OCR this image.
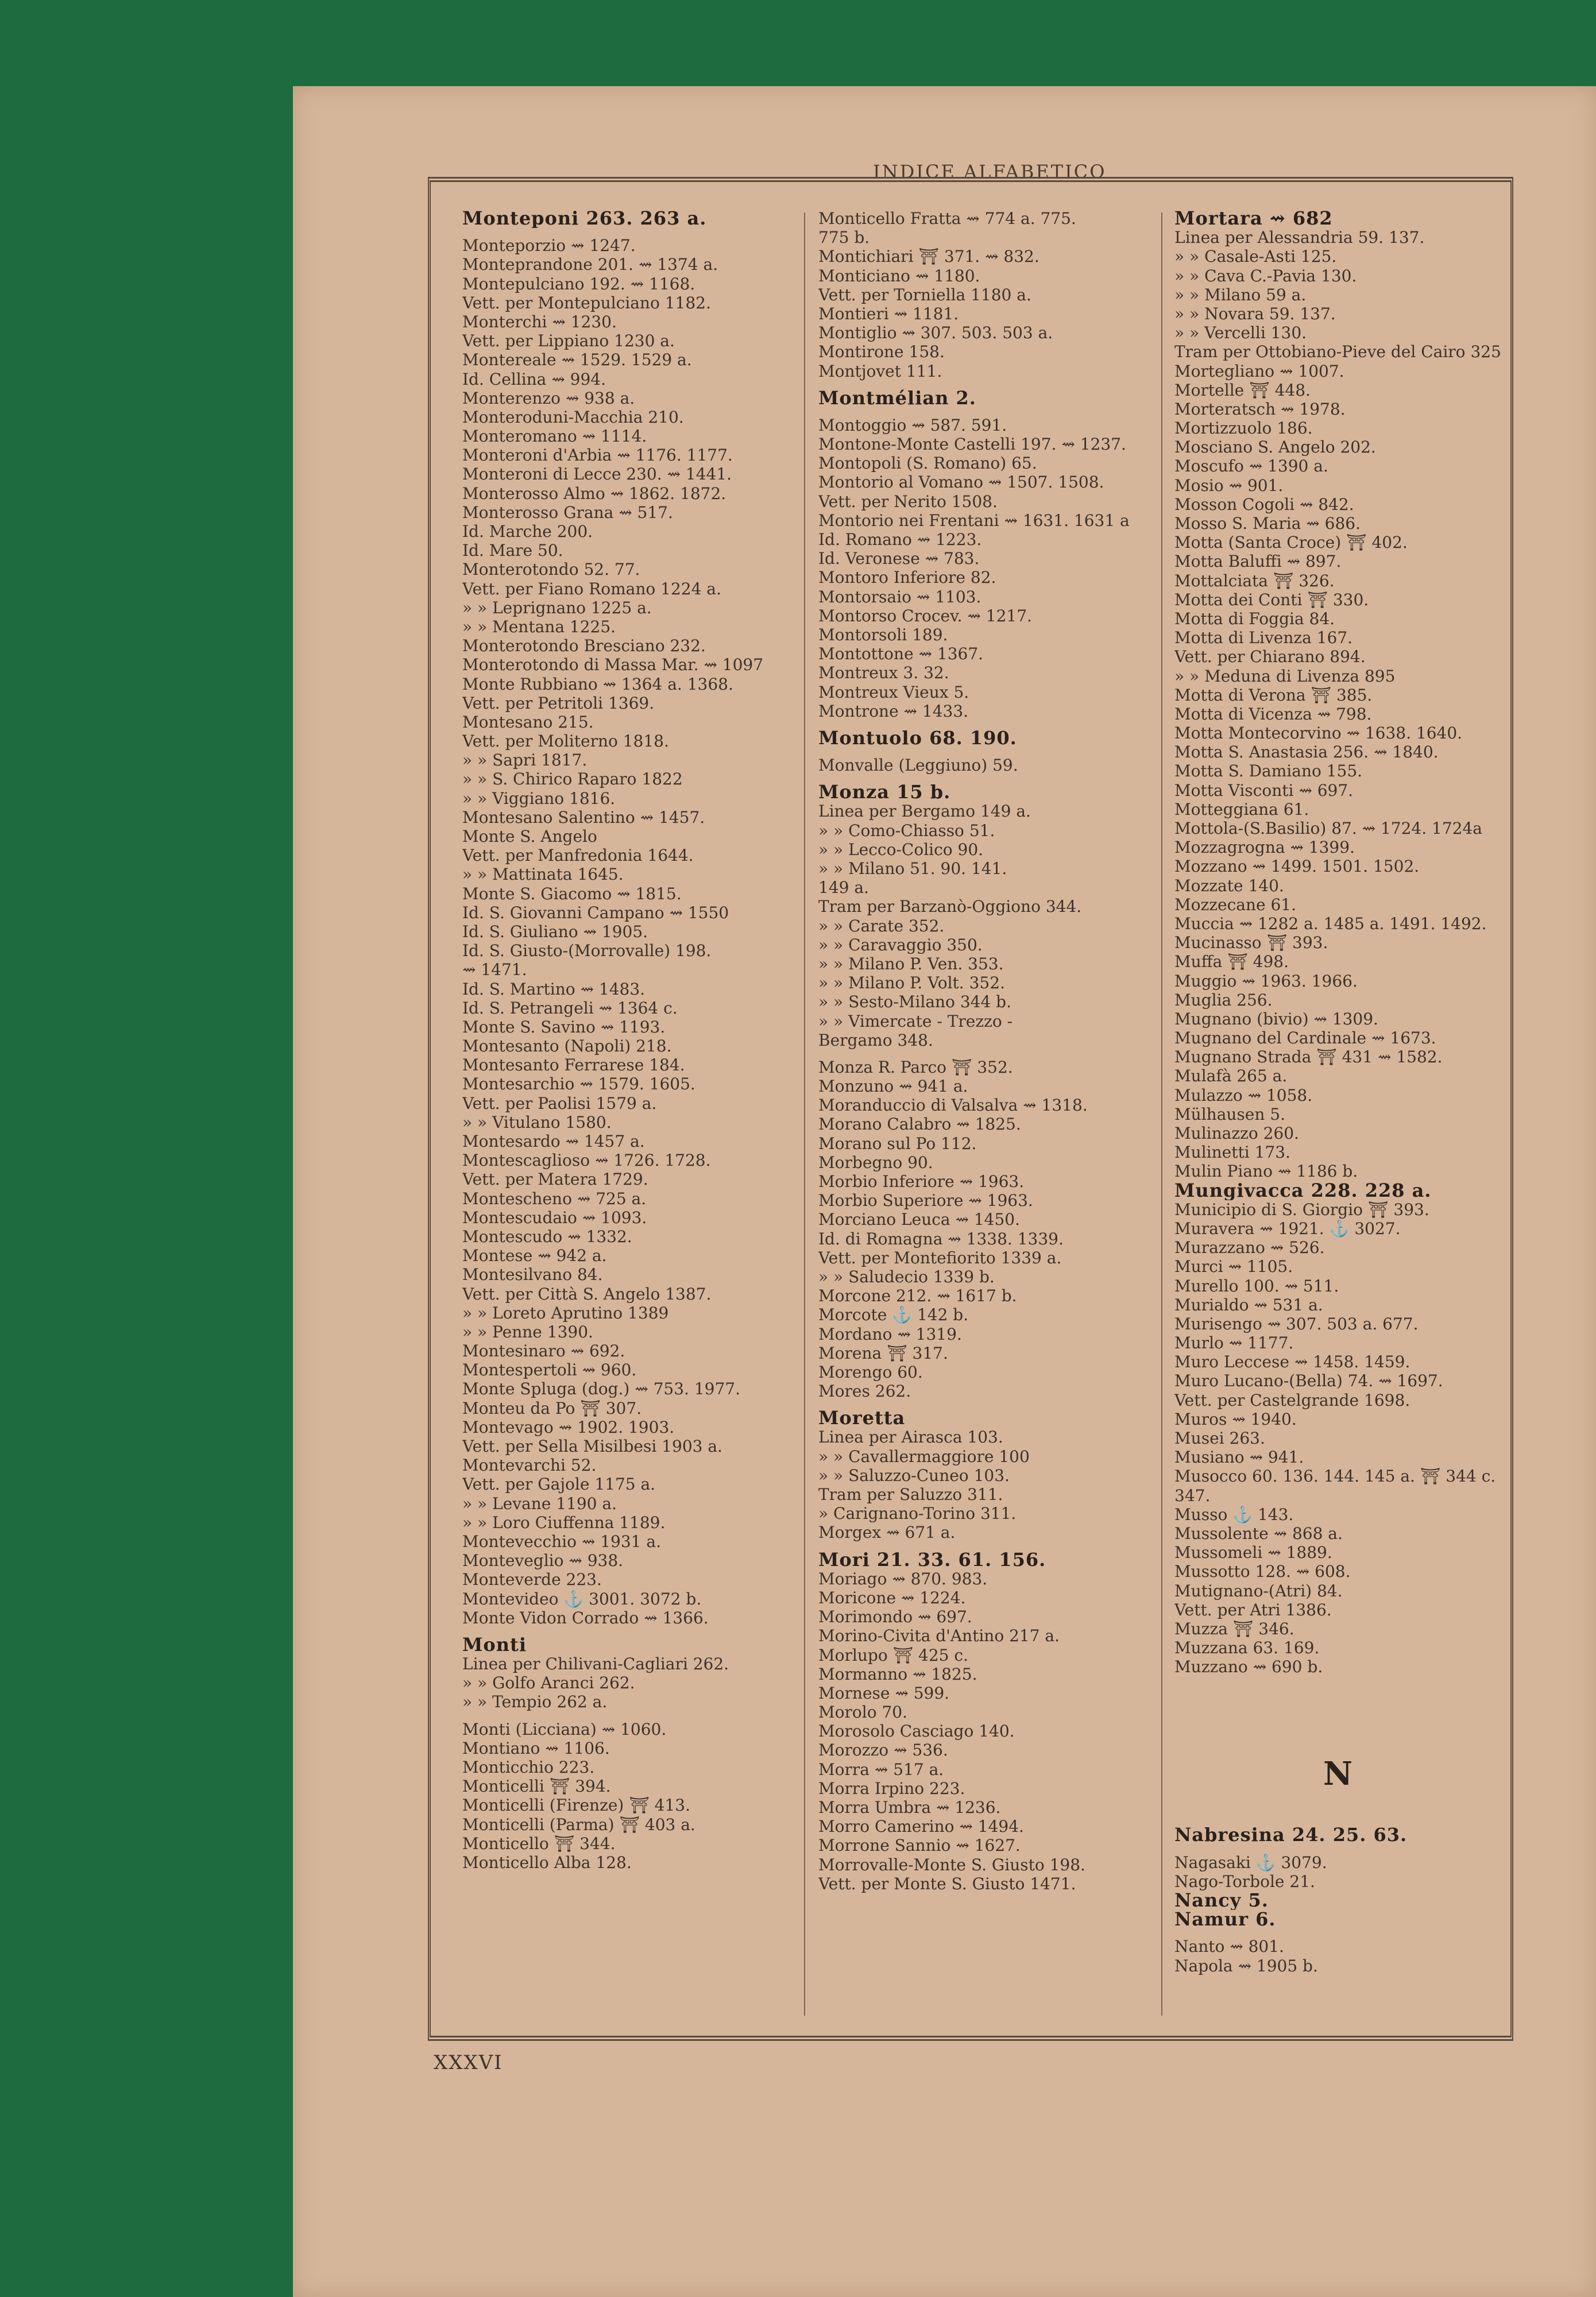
INDICE ALFABETICO
Monteponi 263. 263 a.
Monteporzio ⇝ 1247.
Monteprandone 201. ⇝ 1374 a.
Montepulciano 192. ⇝ 1168.
Vett. per Montepulciano 1182.
Monterchi ⇝ 1230.
Vett. per Lippiano 1230 a.
Montereale ⇝ 1529. 1529 a.
Id. Cellina ⇝ 994.
Monterenzo ⇝ 938 a.
Monteroduni-Macchia 210.
Monteromano ⇝ 1114.
Monteroni d'Arbia ⇝ 1176. 1177.
Monteroni di Lecce 230. ⇝ 1441.
Monterosso Almo ⇝ 1862. 1872.
Monterosso Grana ⇝ 517.
Id. Marche 200.
Id. Mare 50.
Monterotondo 52. 77.
Vett. per Fiano Romano 1224 a.
» » Leprignano 1225 a.
» » Mentana 1225.
Monterotondo Bresciano 232.
Monterotondo di Massa Mar. ⇝ 1097
Monte Rubbiano ⇝ 1364 a. 1368.
Vett. per Petritoli 1369.
Montesano 215.
Vett. per Moliterno 1818.
» » Sapri 1817.
» » S. Chirico Raparo 1822
» » Viggiano 1816.
Montesano Salentino ⇝ 1457.
Monte S. Angelo
Vett. per Manfredonia 1644.
» » Mattinata 1645.
Monte S. Giacomo ⇝ 1815.
Id. S. Giovanni Campano ⇝ 1550
Id. S. Giuliano ⇝ 1905.
Id. S. Giusto-(Morrovalle) 198.
⇝ 1471.
Id. S. Martino ⇝ 1483.
Id. S. Petrangeli ⇝ 1364 c.
Monte S. Savino ⇝ 1193.
Montesanto (Napoli) 218.
Montesanto Ferrarese 184.
Montesarchio ⇝ 1579. 1605.
Vett. per Paolisi 1579 a.
» » Vitulano 1580.
Montesardo ⇝ 1457 a.
Montescaglioso ⇝ 1726. 1728.
Vett. per Matera 1729.
Montescheno ⇝ 725 a.
Montescudaio ⇝ 1093.
Montescudo ⇝ 1332.
Montese ⇝ 942 a.
Montesilvano 84.
Vett. per Città S. Angelo 1387.
» » Loreto Aprutino 1389
» » Penne 1390.
Montesinaro ⇝ 692.
Montespertoli ⇝ 960.
Monte Spluga (dog.) ⇝ 753. 1977.
Monteu da Po ⛩ 307.
Montevago ⇝ 1902. 1903.
Vett. per Sella Misilbesi 1903 a.
Montevarchi 52.
Vett. per Gajole 1175 a.
» » Levane 1190 a.
» » Loro Ciuffenna 1189.
Montevecchio ⇝ 1931 a.
Monteveglio ⇝ 938.
Monteverde 223.
Montevideo ⚓ 3001. 3072 b.
Monte Vidon Corrado ⇝ 1366.
Monti
Linea per Chilivani-Cagliari 262.
» » Golfo Aranci 262.
» » Tempio 262 a.
Monti (Licciana) ⇝ 1060.
Montiano ⇝ 1106.
Monticchio 223.
Monticelli ⛩ 394.
Monticelli (Firenze) ⛩ 413.
Monticelli (Parma) ⛩ 403 a.
Monticello ⛩ 344.
Monticello Alba 128.
Monticello Fratta ⇝ 774 a. 775.
775 b.
Montichiari ⛩ 371. ⇝ 832.
Monticiano ⇝ 1180.
Vett. per Torniella 1180 a.
Montieri ⇝ 1181.
Montiglio ⇝ 307. 503. 503 a.
Montirone 158.
Montjovet 111.
Montmélian 2.
Montoggio ⇝ 587. 591.
Montone-Monte Castelli 197. ⇝ 1237.
Montopoli (S. Romano) 65.
Montorio al Vomano ⇝ 1507. 1508.
Vett. per Nerito 1508.
Montorio nei Frentani ⇝ 1631. 1631 a
Id. Romano ⇝ 1223.
Id. Veronese ⇝ 783.
Montoro Inferiore 82.
Montorsaio ⇝ 1103.
Montorso Crocev. ⇝ 1217.
Montorsoli 189.
Montottone ⇝ 1367.
Montreux 3. 32.
Montreux Vieux 5.
Montrone ⇝ 1433.
Montuolo 68. 190.
Monvalle (Leggiuno) 59.
Monza 15 b.
Linea per Bergamo 149 a.
» » Como-Chiasso 51.
» » Lecco-Colico 90.
» » Milano 51. 90. 141.
149 a.
Tram per Barzanò-Oggiono 344.
» » Carate 352.
» » Caravaggio 350.
» » Milano P. Ven. 353.
» » Milano P. Volt. 352.
» » Sesto-Milano 344 b.
» » Vimercate - Trezzo -
Bergamo 348.
Monza R. Parco ⛩ 352.
Monzuno ⇝ 941 a.
Moranduccio di Valsalva ⇝ 1318.
Morano Calabro ⇝ 1825.
Morano sul Po 112.
Morbegno 90.
Morbio Inferiore ⇝ 1963.
Morbio Superiore ⇝ 1963.
Morciano Leuca ⇝ 1450.
Id. di Romagna ⇝ 1338. 1339.
Vett. per Montefiorito 1339 a.
» » Saludecio 1339 b.
Morcone 212. ⇝ 1617 b.
Morcote ⚓ 142 b.
Mordano ⇝ 1319.
Morena ⛩ 317.
Morengo 60.
Mores 262.
Moretta
Linea per Airasca 103.
» » Cavallermaggiore 100
» » Saluzzo-Cuneo 103.
Tram per Saluzzo 311.
» Carignano-Torino 311.
Morgex ⇝ 671 a.
Mori 21. 33. 61. 156.
Moriago ⇝ 870. 983.
Moricone ⇝ 1224.
Morimondo ⇝ 697.
Morino-Civita d'Antino 217 a.
Morlupo ⛩ 425 c.
Mormanno ⇝ 1825.
Mornese ⇝ 599.
Morolo 70.
Morosolo Casciago 140.
Morozzo ⇝ 536.
Morra ⇝ 517 a.
Morra Irpino 223.
Morra Umbra ⇝ 1236.
Morro Camerino ⇝ 1494.
Morrone Sannio ⇝ 1627.
Morrovalle-Monte S. Giusto 198.
Vett. per Monte S. Giusto 1471.
Mortara ⇝ 682
Linea per Alessandria 59. 137.
» » Casale-Asti 125.
» » Cava C.-Pavia 130.
» » Milano 59 a.
» » Novara 59. 137.
» » Vercelli 130.
Tram per Ottobiano-Pieve del Cairo 325
Mortegliano ⇝ 1007.
Mortelle ⛩ 448.
Morteratsch ⇝ 1978.
Mortizzuolo 186.
Mosciano S. Angelo 202.
Moscufo ⇝ 1390 a.
Mosio ⇝ 901.
Mosson Cogoli ⇝ 842.
Mosso S. Maria ⇝ 686.
Motta (Santa Croce) ⛩ 402.
Motta Baluffi ⇝ 897.
Mottalciata ⛩ 326.
Motta dei Conti ⛩ 330.
Motta di Foggia 84.
Motta di Livenza 167.
Vett. per Chiarano 894.
» » Meduna di Livenza 895
Motta di Verona ⛩ 385.
Motta di Vicenza ⇝ 798.
Motta Montecorvino ⇝ 1638. 1640.
Motta S. Anastasia 256. ⇝ 1840.
Motta S. Damiano 155.
Motta Visconti ⇝ 697.
Motteggiana 61.
Mottola-(S.Basilio) 87. ⇝ 1724. 1724a
Mozzagrogna ⇝ 1399.
Mozzano ⇝ 1499. 1501. 1502.
Mozzate 140.
Mozzecane 61.
Muccia ⇝ 1282 a. 1485 a. 1491. 1492.
Mucinasso ⛩ 393.
Muffa ⛩ 498.
Muggio ⇝ 1963. 1966.
Muglia 256.
Mugnano (bivio) ⇝ 1309.
Mugnano del Cardinale ⇝ 1673.
Mugnano Strada ⛩ 431 ⇝ 1582.
Mulafà 265 a.
Mulazzo ⇝ 1058.
Mülhausen 5.
Mulinazzo 260.
Mulinetti 173.
Mulin Piano ⇝ 1186 b.
Mungivacca 228. 228 a.
Municipio di S. Giorgio ⛩ 393.
Muravera ⇝ 1921. ⚓ 3027.
Murazzano ⇝ 526.
Murci ⇝ 1105.
Murello 100. ⇝ 511.
Murialdo ⇝ 531 a.
Murisengo ⇝ 307. 503 a. 677.
Murlo ⇝ 1177.
Muro Leccese ⇝ 1458. 1459.
Muro Lucano-(Bella) 74. ⇝ 1697.
Vett. per Castelgrande 1698.
Muros ⇝ 1940.
Musei 263.
Musiano ⇝ 941.
Musocco 60. 136. 144. 145 a. ⛩ 344 c.
347.
Musso ⚓ 143.
Mussolente ⇝ 868 a.
Mussomeli ⇝ 1889.
Mussotto 128. ⇝ 608.
Mutignano-(Atri) 84.
Vett. per Atri 1386.
Muzza ⛩ 346.
Muzzana 63. 169.
Muzzano ⇝ 690 b.
N
Nabresina 24. 25. 63.
Nagasaki ⚓ 3079.
Nago-Torbole 21.
Nancy 5.
Namur 6.
Nanto ⇝ 801.
Napola ⇝ 1905 b.
XXXVI
